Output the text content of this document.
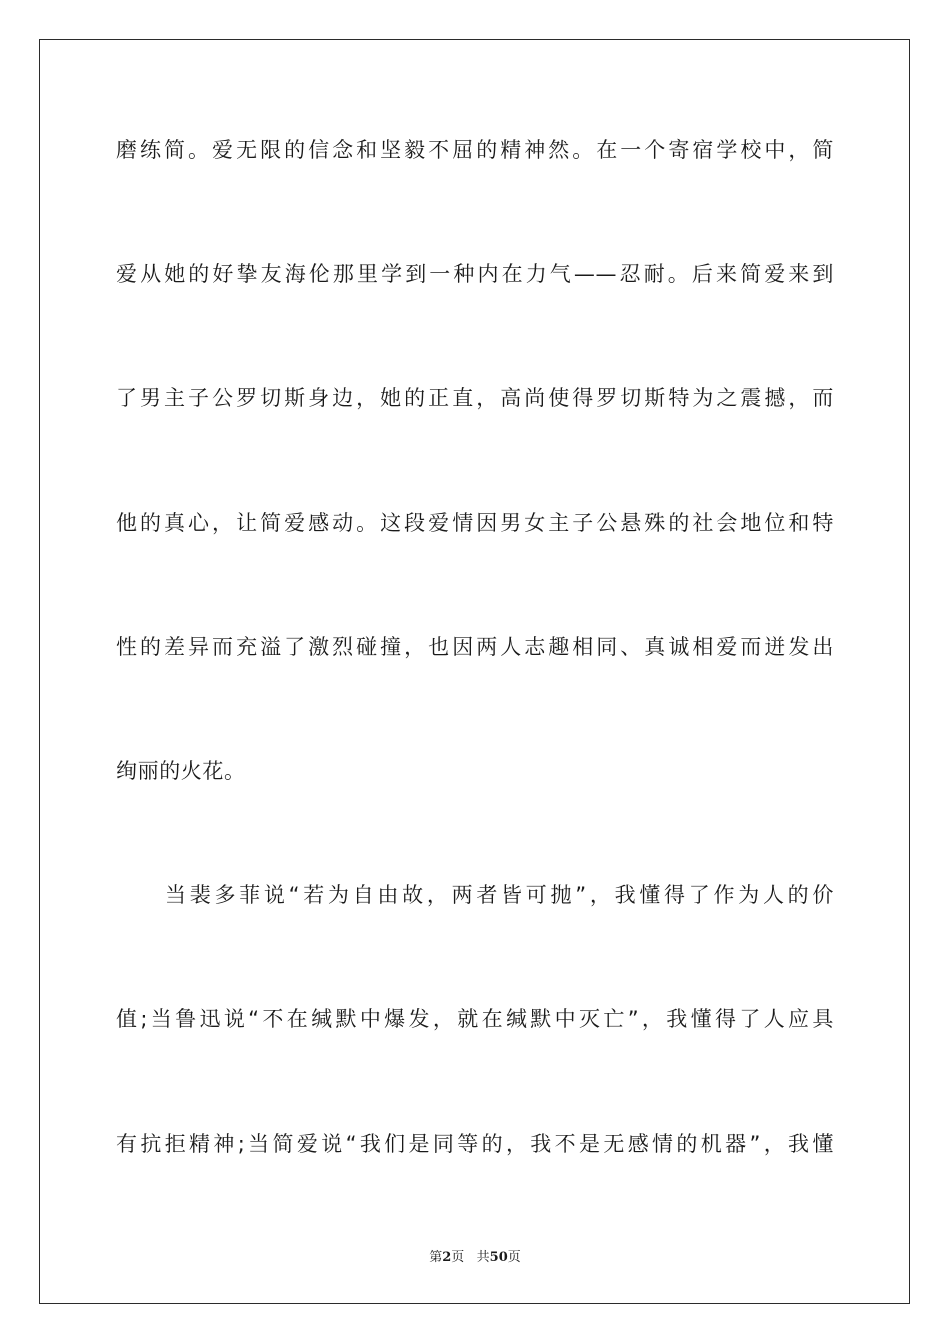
磨练简。爱无限的信念和坚毅不屈的精神然。在一个寄宿学校中，简
爱从她的好挚友海伦那里学到一种内在力气——忍耐。后来简爱来到
了男主子公罗切斯身边，她的正直，高尚使得罗切斯特为之震撼，而
他的真心，让简爱感动。这段爱情因男女主子公悬殊的社会地位和特
性的差异而充溢了激烈碰撞，也因两人志趣相同、真诚相爱而迸发出
绚丽的火花。
当裴多菲说“若为自由故，两者皆可抛”，我懂得了作为人的价
值;当鲁迅说“不在缄默中爆发，就在缄默中灭亡”，我懂得了人应具
有抗拒精神;当简爱说“我们是同等的，我不是无感情的机器”，我懂
第2页   共50页
